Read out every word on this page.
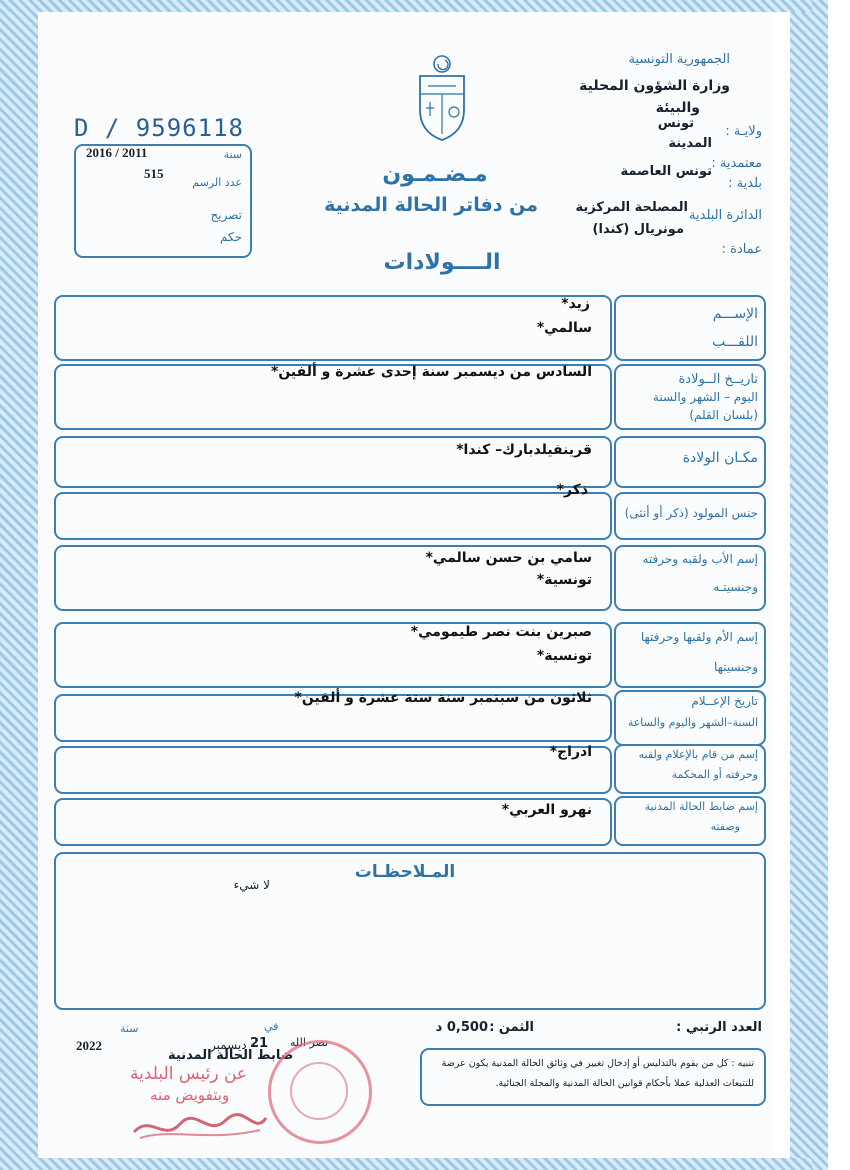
الجمهورية التونسية
وزارة الشؤون المحلية
والبيئة
ولايـة :
تونس
المدينة
معتمدية :
تونس العاصمة
بلدية :
المصلحة المركزية
الدائرة البلدية
مونريال (كندا)
عمادة :
D / 9596118
2016 / 2011	سنة
515
عدد الرسم
تصريح
حكم
مـضـمـون
من دفاتر الحالة المدنية
الــــولادات
الإســـم
اللقـــب
زيد*
سالمي*
تاريــخ الــولادة
اليوم – الشهر والسنة
(بلسان القلم)
السادس من ديسمبر سنة إحدى عشرة و ألفين*
مكـان الولادة
قرينفيلدبارك– كندا*
جنس المولود (ذكر أو أنثى)
ذكر*
إسم الأب ولقبه وحرفته
وجنسيتـه
سامي بن حسن سالمي*
تونسية*
إسم الأم ولقبها وحرفتها
وجنسيتها
صبرين بنت نصر طيمومي*
تونسية*
تاريخ الإعــلام
السنة–الشهر واليوم والساعة
ثلاثون من سبتمبر سنة ستة عشرة و ألفين*
إسم من قام بالإعلام ولقبه
وحرفته أو المحكمة
ادراج*
إسم ضابط الحالة المدنية
وصفته
نهرو العربي*
المـلاحظـات
لا شيء
العدد الرتبي :
الثمن :
0,500 د
سنة
2022
في
21
ديسمبر	نصر الله
ضابط الحالة المدنية
عن رئيس البلدية
وبتفويض منه
تنبيه : كل من يقوم بالتدليس أو إدخال تغيير في وثائق الحالة المدنية يكون عرضة
للتتبعات العدلية عملا بأحكام قوانين الحالة المدنية والمجلة الجنائية.
